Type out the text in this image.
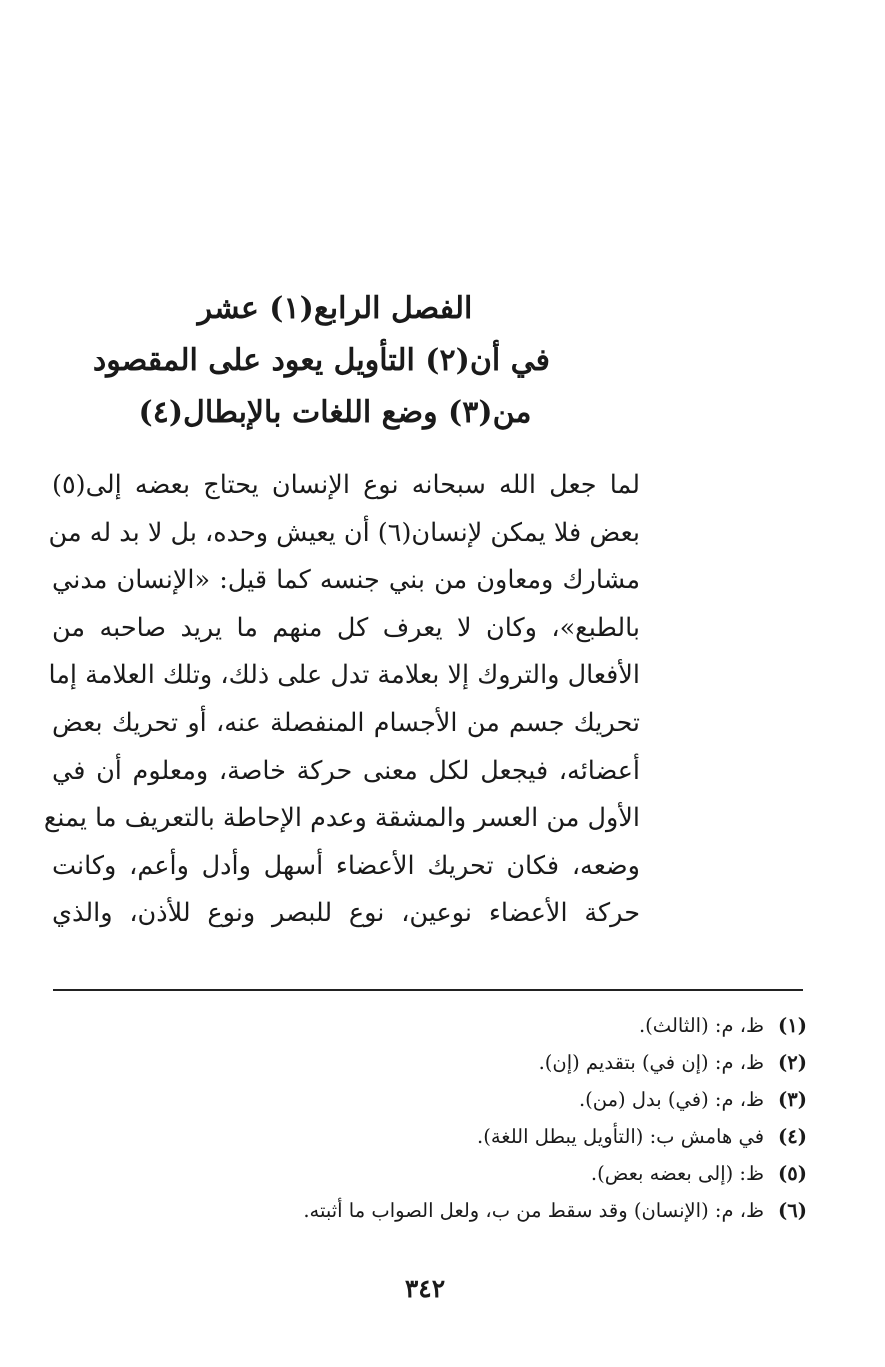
الفصل الرابع(١) عشر
في أن(٢) التأويل يعود على المقصود
من(٣) وضع اللغات بالإبطال(٤)
لما جعل الله سبحانه نوع الإنسان يحتاج بعضه إلى(٥)
بعض فلا يمكن لإنسان(٦) أن يعيش وحده، بل لا بد له من
مشارك ومعاون من بني جنسه كما قيل: «الإنسان مدني
بالطبع»، وكان لا يعرف كل منهم ما يريد صاحبه من
الأفعال والتروك إلا بعلامة تدل على ذلك، وتلك العلامة إما
تحريك جسم من الأجسام المنفصلة عنه، أو تحريك بعض
أعضائه، فيجعل لكل معنى حركة خاصة، ومعلوم أن في
الأول من العسر والمشقة وعدم الإحاطة بالتعريف ما يمنع
وضعه، فكان تحريك الأعضاء أسهل وأدل وأعم، وكانت
حركة الأعضاء نوعين، نوع للبصر ونوع للأذن، والذي
(١)ظ، م: (الثالث).
(٢)ظ، م: (إن في) بتقديم (إن).
(٣)ظ، م: (في) بدل (من).
(٤)في هامش ب: (التأويل يبطل اللغة).
(٥)ظ: (إلى بعضه بعض).
(٦)ظ، م: (الإنسان) وقد سقط من ب، ولعل الصواب ما أثبته.
٣٤٢
